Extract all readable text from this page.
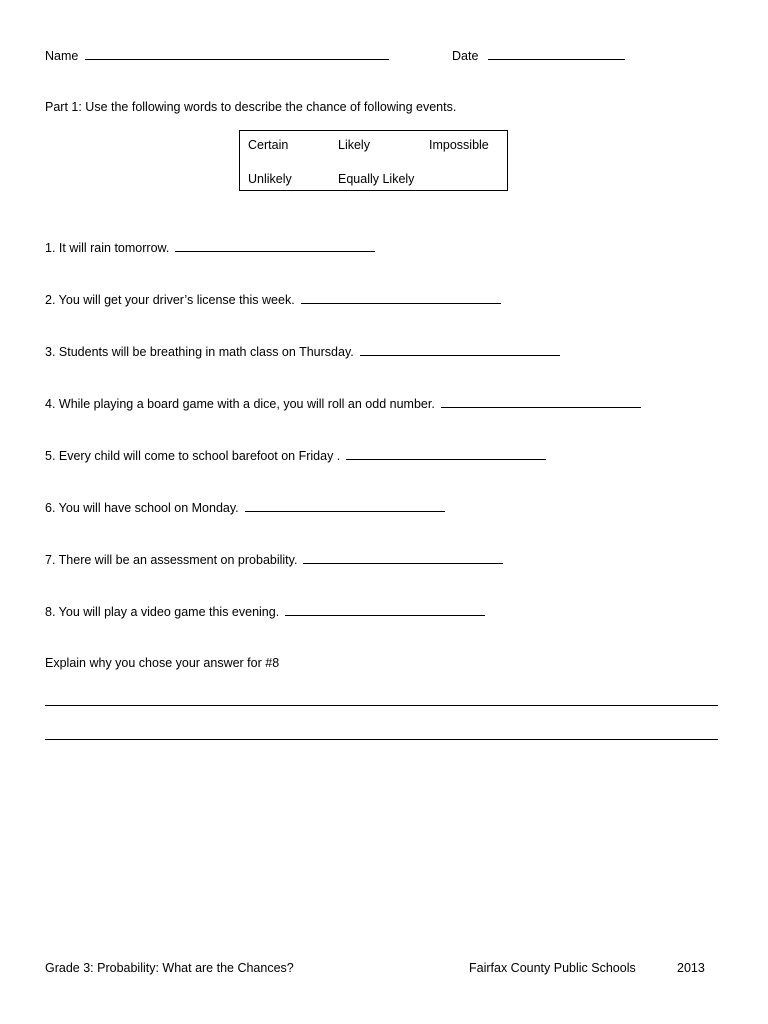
Name	Date
Part 1: Use the following words to describe the chance of following events.
Certain	Likely	Impossible
Unlikely	Equally Likely
1. It will rain tomorrow.
2. You will get your driver’s license this week.
3. Students will be breathing in math class on Thursday.
4. While playing a board game with a dice, you will roll an odd number.
5. Every child will come to school barefoot on Friday .
6. You will have school on Monday.
7. There will be an assessment on probability.
8. You will play a video game this evening.
Explain why you chose your answer for #8
Grade 3: Probability: What are the Chances?	Fairfax County Public Schools	2013
